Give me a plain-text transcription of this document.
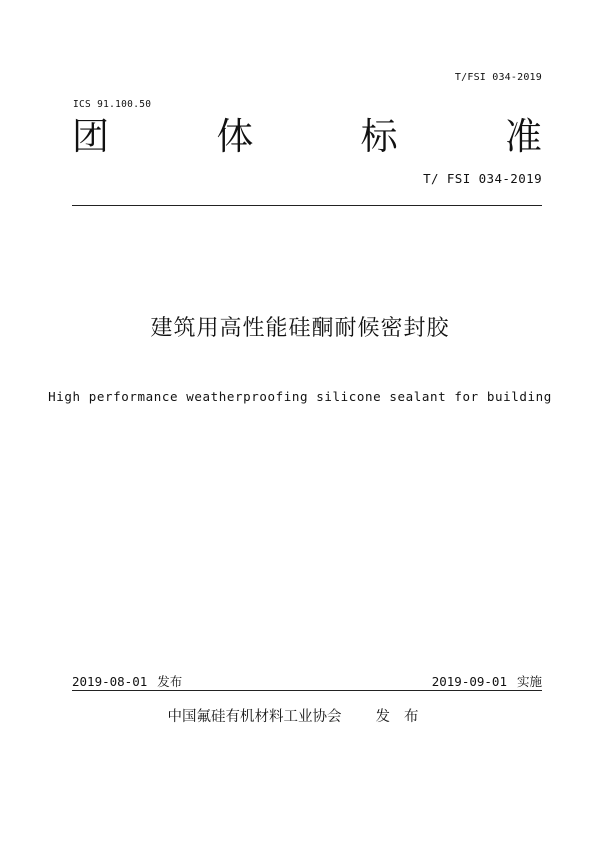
T/FSI 034-2019
ICS 91.100.50
团	体	标	准
T/ FSI 034-2019
建筑用高性能硅酮耐候密封胶
High performance weatherproofing silicone sealant for building
2019-08-01 发布	2019-09-01 实施
中国氟硅有机材料工业协会 发布
